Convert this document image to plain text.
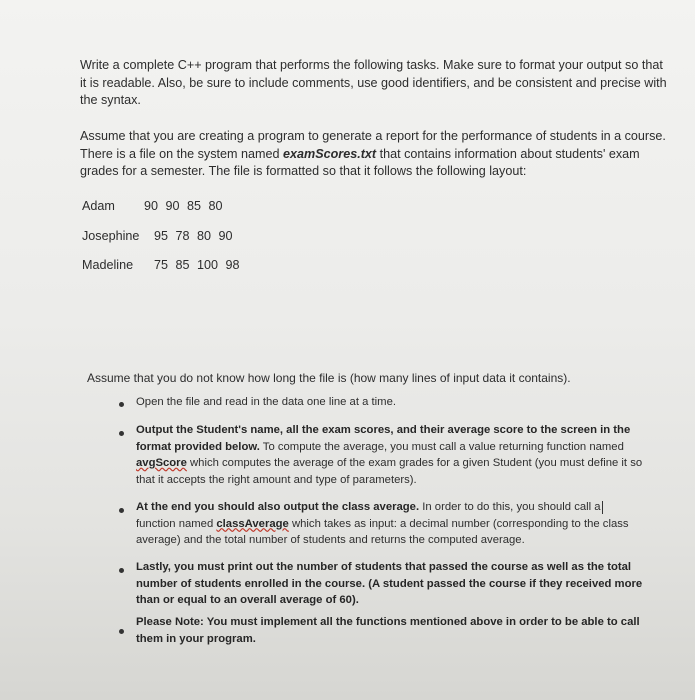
Write a complete C++ program that performs the following tasks. Make sure to format your output so that it is readable. Also, be sure to include comments, use good identifiers, and be consistent and precise with the syntax.

Assume that you are creating a program to generate a report for the performance of students in a course. There is a file on the system named examScores.txt that contains information about students' exam grades for a semester. The file is formatted so that it follows the following layout:

Adam 90 90 85 80
Josephine 95 78 80 90
Madeline 75 85 100 98

Assume that you do not know how long the file is (how many lines of input data it contains).

Open the file and read in the data one line at a time.
Output the Student's name, all the exam scores, and their average score to the screen in the format provided below. To compute the average, you must call a value returning function named avgScore which computes the average of the exam grades for a given Student (you must define it so that it accepts the right amount and type of parameters).
At the end you should also output the class average. In order to do this, you should call a
function named classAverage which takes as input: a decimal number (corresponding to the class average) and the total number of students and returns the computed average.
Lastly, you must print out the number of students that passed the course as well as the total number of students enrolled in the course. (A student passed the course if they received more than or equal to an overall average of 60).
Please Note: You must implement all the functions mentioned above in order to be able to call them in your program.
